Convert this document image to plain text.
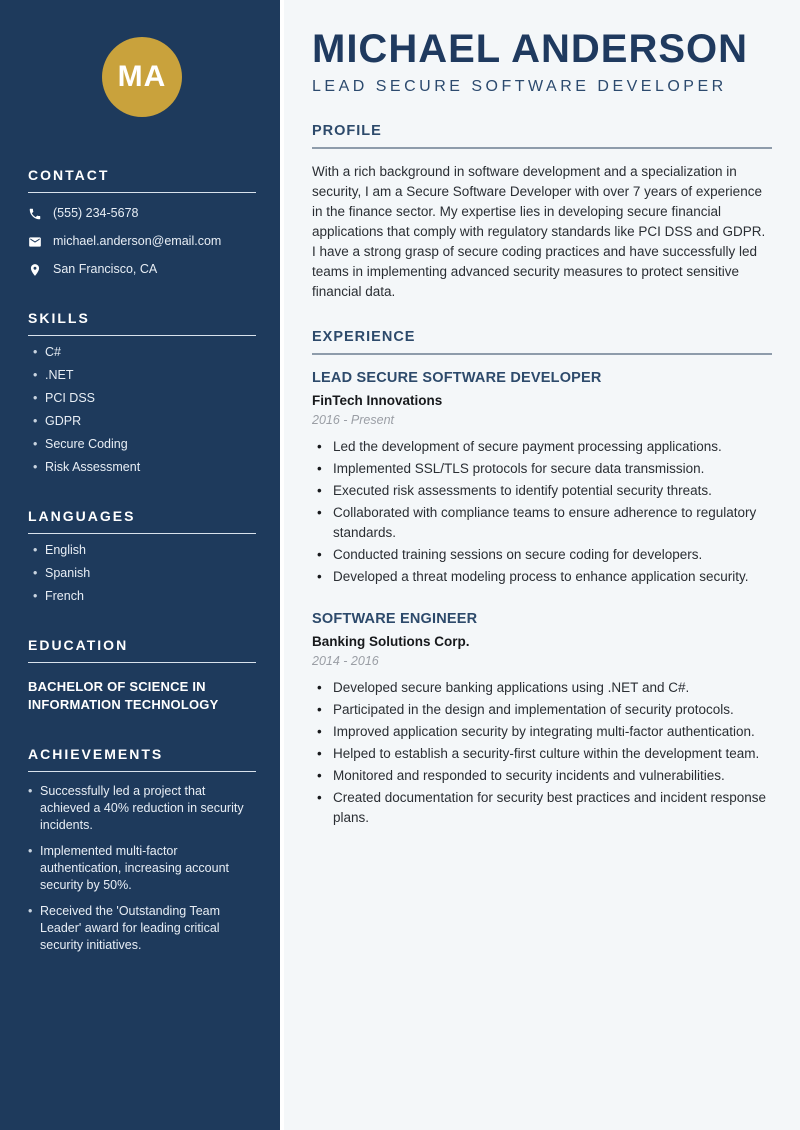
MA
CONTACT
(555) 234-5678
michael.anderson@email.com
San Francisco, CA
SKILLS
• C#
• .NET
• PCI DSS
• GDPR
• Secure Coding
• Risk Assessment
LANGUAGES
• English
• Spanish
• French
EDUCATION
BACHELOR OF SCIENCE IN INFORMATION TECHNOLOGY
ACHIEVEMENTS
• Successfully led a project that achieved a 40% reduction in security incidents.
• Implemented multi-factor authentication, increasing account security by 50%.
• Received the 'Outstanding Team Leader' award for leading critical security initiatives.
MICHAEL ANDERSON
LEAD SECURE SOFTWARE DEVELOPER
PROFILE

With a rich background in software development and a specialization in security, I am a Secure Software Developer with over 7 years of experience in the finance sector. My expertise lies in developing secure financial applications that comply with regulatory standards like PCI DSS and GDPR. I have a strong grasp of secure coding practices and have successfully led teams in implementing advanced security measures to protect sensitive financial data.

EXPERIENCE
LEAD SECURE SOFTWARE DEVELOPER
FinTech Innovations
2016 - Present
• Led the development of secure payment processing applications.
• Implemented SSL/TLS protocols for secure data transmission.
• Executed risk assessments to identify potential security threats.
• Collaborated with compliance teams to ensure adherence to regulatory standards.
• Conducted training sessions on secure coding for developers.
• Developed a threat modeling process to enhance application security.
SOFTWARE ENGINEER
Banking Solutions Corp.
2014 - 2016
• Developed secure banking applications using .NET and C#.
• Participated in the design and implementation of security protocols.
• Improved application security by integrating multi-factor authentication.
• Helped to establish a security-first culture within the development team.
• Monitored and responded to security incidents and vulnerabilities.
• Created documentation for security best practices and incident response plans.
